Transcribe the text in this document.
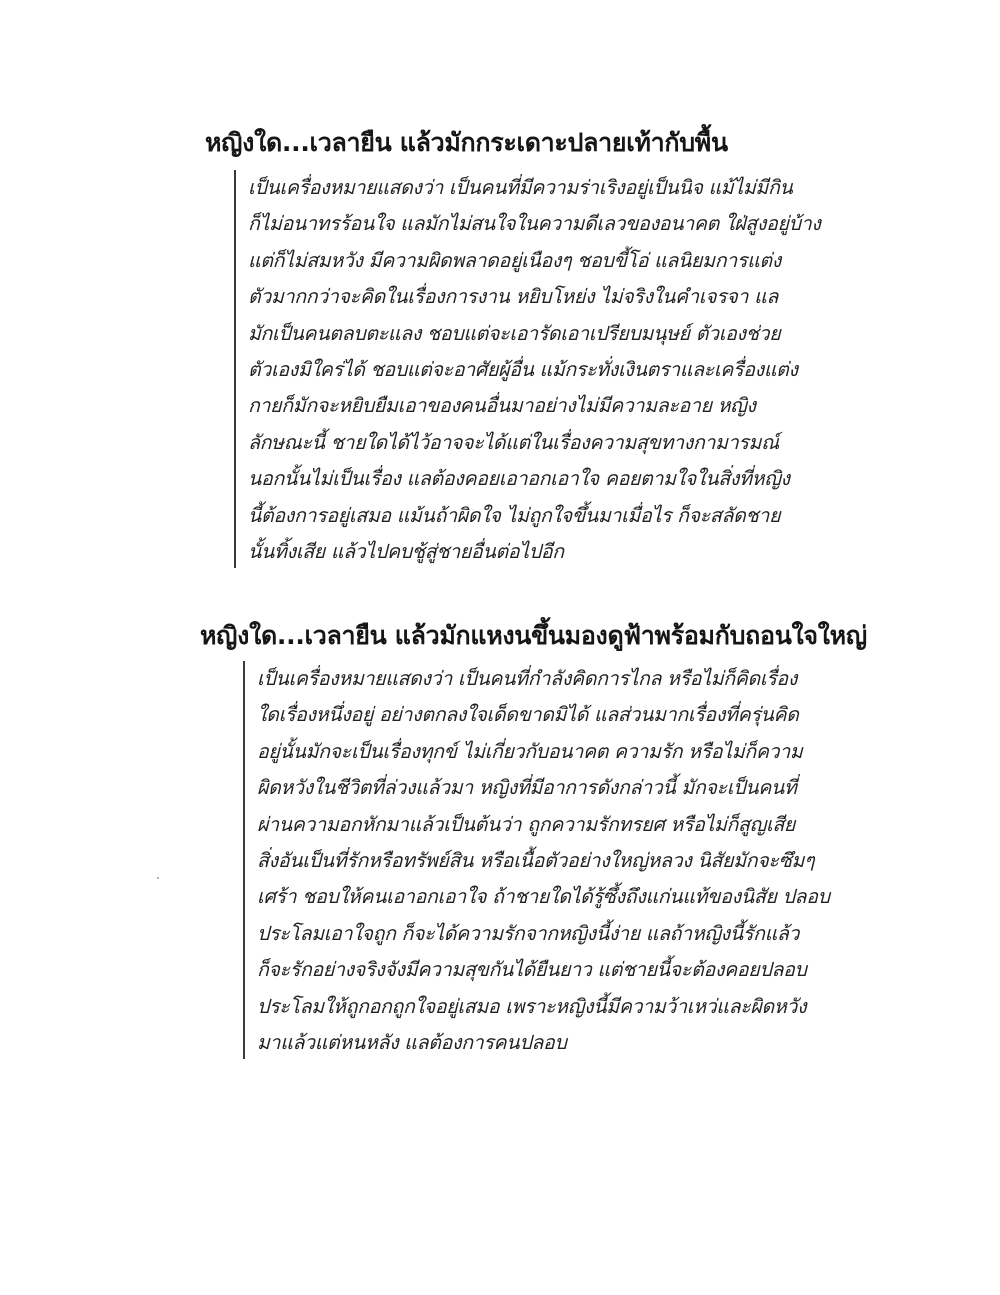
หญิงใด...เวลายืน แล้วมักกระเดาะปลายเท้ากับพื้น
เป็นเครื่องหมายแสดงว่า เป็นคนที่มีความร่าเริงอยู่เป็นนิจ แม้ไม่มีกิน
ก็ไม่อนาทรร้อนใจ แลมักไม่สนใจในความดีเลวของอนาคต ใฝ่สูงอยู่บ้าง
แต่ก็ไม่สมหวัง มีความผิดพลาดอยู่เนืองๆ ชอบขี้โอ่ แลนิยมการแต่ง
ตัวมากกว่าจะคิดในเรื่องการงาน หยิบโหย่ง ไม่จริงในคำเจรจา แล
มักเป็นคนตลบตะแลง ชอบแต่จะเอารัดเอาเปรียบมนุษย์ ตัวเองช่วย
ตัวเองมิใคร่ได้ ชอบแต่จะอาศัยผู้อื่น แม้กระทั่งเงินตราและเครื่องแต่ง
กายก็มักจะหยิบยืมเอาของคนอื่นมาอย่างไม่มีความละอาย หญิง
ลักษณะนี้ ชายใดได้ไว้อาจจะได้แต่ในเรื่องความสุขทางกามารมณ์
นอกนั้นไม่เป็นเรื่อง แลต้องคอยเอาอกเอาใจ คอยตามใจในสิ่งที่หญิง
นี้ต้องการอยู่เสมอ แม้นถ้าผิดใจ ไม่ถูกใจขึ้นมาเมื่อไร ก็จะสลัดชาย
นั้นทิ้งเสีย แล้วไปคบชู้สู่ชายอื่นต่อไปอีก
หญิงใด...เวลายืน แล้วมักแหงนขึ้นมองดูฟ้าพร้อมกับถอนใจใหญ่
เป็นเครื่องหมายแสดงว่า เป็นคนที่กำลังคิดการไกล หรือไม่ก็คิดเรื่อง
ใดเรื่องหนึ่งอยู่ อย่างตกลงใจเด็ดขาดมิได้ แลส่วนมากเรื่องที่ครุ่นคิด
อยู่นั้นมักจะเป็นเรื่องทุกข์ ไม่เกี่ยวกับอนาคต ความรัก หรือไม่ก็ความ
ผิดหวังในชีวิตที่ล่วงแล้วมา หญิงที่มีอาการดังกล่าวนี้ มักจะเป็นคนที่
ผ่านความอกหักมาแล้วเป็นต้นว่า ถูกความรักทรยศ หรือไม่ก็สูญเสีย
สิ่งอันเป็นที่รักหรือทรัพย์สิน หรือเนื้อตัวอย่างใหญ่หลวง นิสัยมักจะซึมๆ
เศร้า ชอบให้คนเอาอกเอาใจ ถ้าชายใดได้รู้ซึ้งถึงแก่นแท้ของนิสัย ปลอบ
ประโลมเอาใจถูก ก็จะได้ความรักจากหญิงนี้ง่าย แลถ้าหญิงนี้รักแล้ว
ก็จะรักอย่างจริงจังมีความสุขกันได้ยืนยาว แต่ชายนี้จะต้องคอยปลอบ
ประโลมให้ถูกอกถูกใจอยู่เสมอ เพราะหญิงนี้มีความว้าเหว่และผิดหวัง
มาแล้วแต่หนหลัง แลต้องการคนปลอบ
